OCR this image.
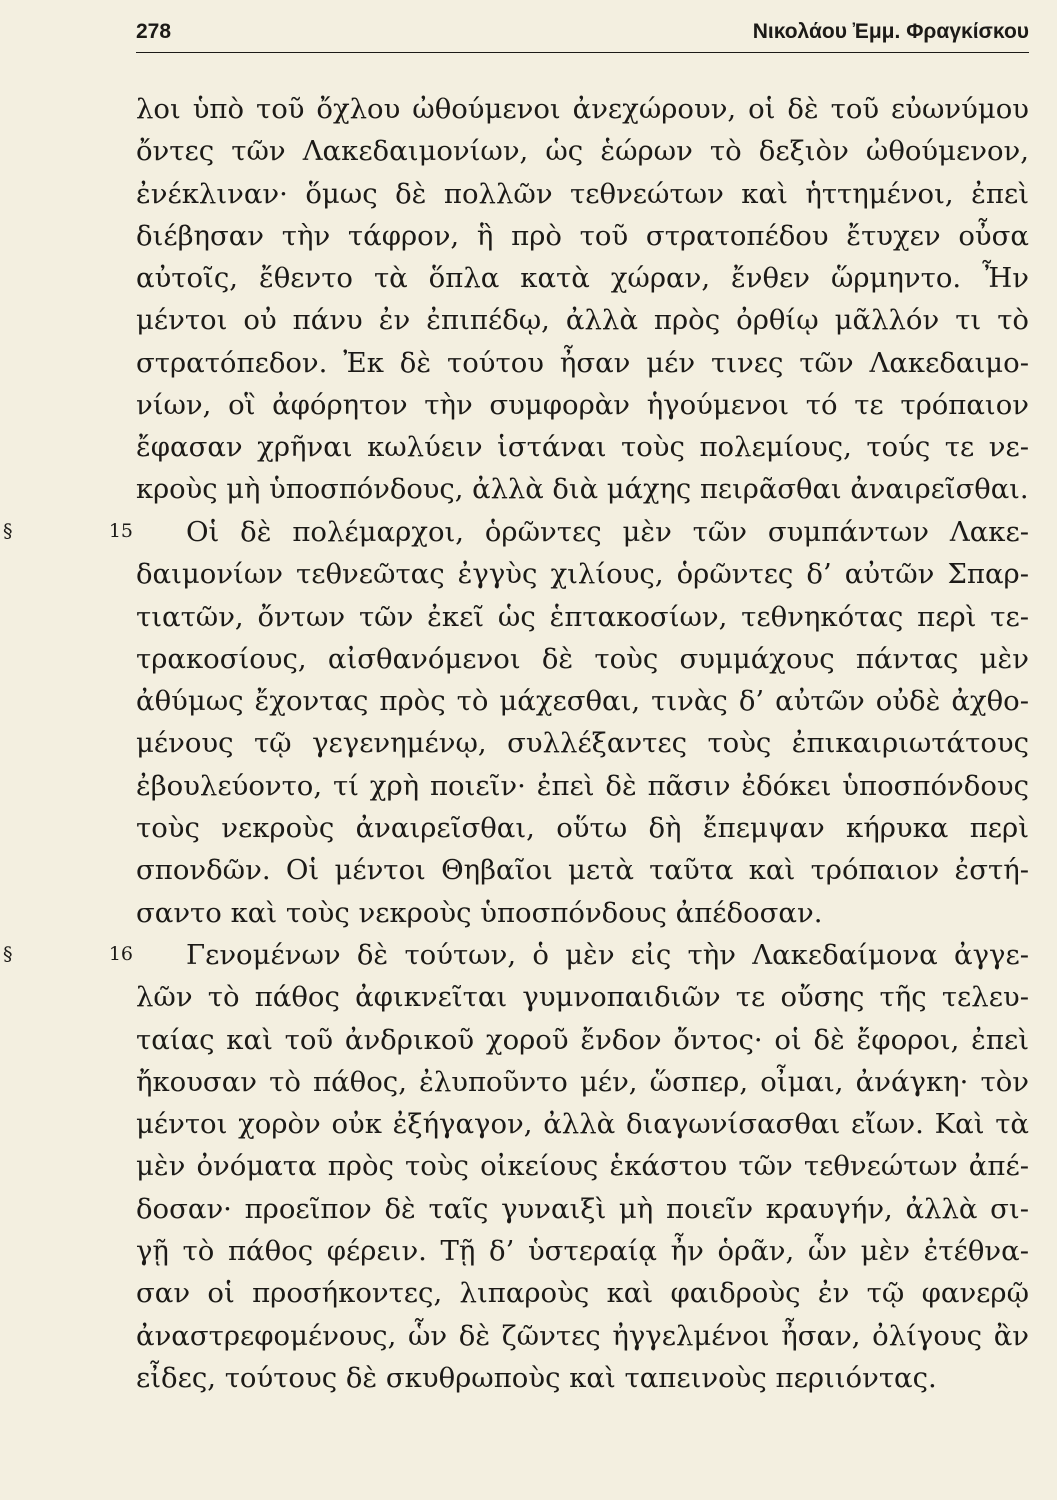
278	Νικολάου Ἐμμ. Φραγκίσκου
λοι ὑπὸ τοῦ ὄχλου ὠθούμενοι ἀνεχώρουν, οἱ δὲ τοῦ εὐωνύμου
ὄντες τῶν Λακεδαιμονίων, ὡς ἑώρων τὸ δεξιὸν ὠθούμενον,
ἐνέκλιναν· ὅμως δὲ πολλῶν τεθνεώτων καὶ ἡττημένοι, ἐπεὶ
διέβησαν τὴν τάφρον, ἣ πρὸ τοῦ στρατοπέδου ἔτυχεν οὖσα
αὐτοῖς, ἔθεντο τὰ ὅπλα κατὰ χώραν, ἔνθεν ὥρμηντο. Ἦν
μέντοι οὐ πάνυ ἐν ἐπιπέδῳ, ἀλλὰ πρὸς ὀρθίῳ μᾶλλόν τι τὸ
στρατόπεδον. Ἐκ δὲ τούτου ἦσαν μέν τινες τῶν Λακεδαιμο-
νίων, οἳ ἀφόρητον τὴν συμφορὰν ἡγούμενοι τό τε τρόπαιον
ἔφασαν χρῆναι κωλύειν ἱστάναι τοὺς πολεμίους, τούς τε νε-
κροὺς μὴ ὑποσπόνδους, ἀλλὰ διὰ μάχης πειρᾶσθαι ἀναιρεῖσθαι.
§ 15 Οἱ δὲ πολέμαρχοι, ὁρῶντες μὲν τῶν συμπάντων Λακε-
δαιμονίων τεθνεῶτας ἐγγὺς χιλίους, ὁρῶντες δ’ αὐτῶν Σπαρ-
τιατῶν, ὄντων τῶν ἐκεῖ ὡς ἑπτακοσίων, τεθνηκότας περὶ τε-
τρακοσίους, αἰσθανόμενοι δὲ τοὺς συμμάχους πάντας μὲν
ἀθύμως ἔχοντας πρὸς τὸ μάχεσθαι, τινὰς δ’ αὐτῶν οὐδὲ ἀχθο-
μένους τῷ γεγενημένῳ, συλλέξαντες τοὺς ἐπικαιριωτάτους
ἐβουλεύοντο, τί χρὴ ποιεῖν· ἐπεὶ δὲ πᾶσιν ἐδόκει ὑποσπόνδους
τοὺς νεκροὺς ἀναιρεῖσθαι, οὕτω δὴ ἔπεμψαν κήρυκα περὶ
σπονδῶν. Οἱ μέντοι Θηβαῖοι μετὰ ταῦτα καὶ τρόπαιον ἐστή-
σαντο καὶ τοὺς νεκροὺς ὑποσπόνδους ἀπέδοσαν.
§ 16 Γενομένων δὲ τούτων, ὁ μὲν εἰς τὴν Λακεδαίμονα ἀγγε-
λῶν τὸ πάθος ἀφικνεῖται γυμνοπαιδιῶν τε οὔσης τῆς τελευ-
ταίας καὶ τοῦ ἀνδρικοῦ χοροῦ ἔνδον ὄντος· οἱ δὲ ἔφοροι, ἐπεὶ
ἤκουσαν τὸ πάθος, ἐλυποῦντο μέν, ὥσπερ, οἶμαι, ἀνάγκη· τὸν
μέντοι χορὸν οὐκ ἐξήγαγον, ἀλλὰ διαγωνίσασθαι εἴων. Καὶ τὰ
μὲν ὀνόματα πρὸς τοὺς οἰκείους ἑκάστου τῶν τεθνεώτων ἀπέ-
δοσαν· προεῖπον δὲ ταῖς γυναιξὶ μὴ ποιεῖν κραυγήν, ἀλλὰ σι-
γῇ τὸ πάθος φέρειν. Τῇ δ’ ὑστεραίᾳ ἦν ὁρᾶν, ὧν μὲν ἐτέθνα-
σαν οἱ προσήκοντες, λιπαροὺς καὶ φαιδροὺς ἐν τῷ φανερῷ
ἀναστρεφομένους, ὧν δὲ ζῶντες ἠγγελμένοι ἦσαν, ὀλίγους ἂν
εἶδες, τούτους δὲ σκυθρωποὺς καὶ ταπεινοὺς περιιόντας.
